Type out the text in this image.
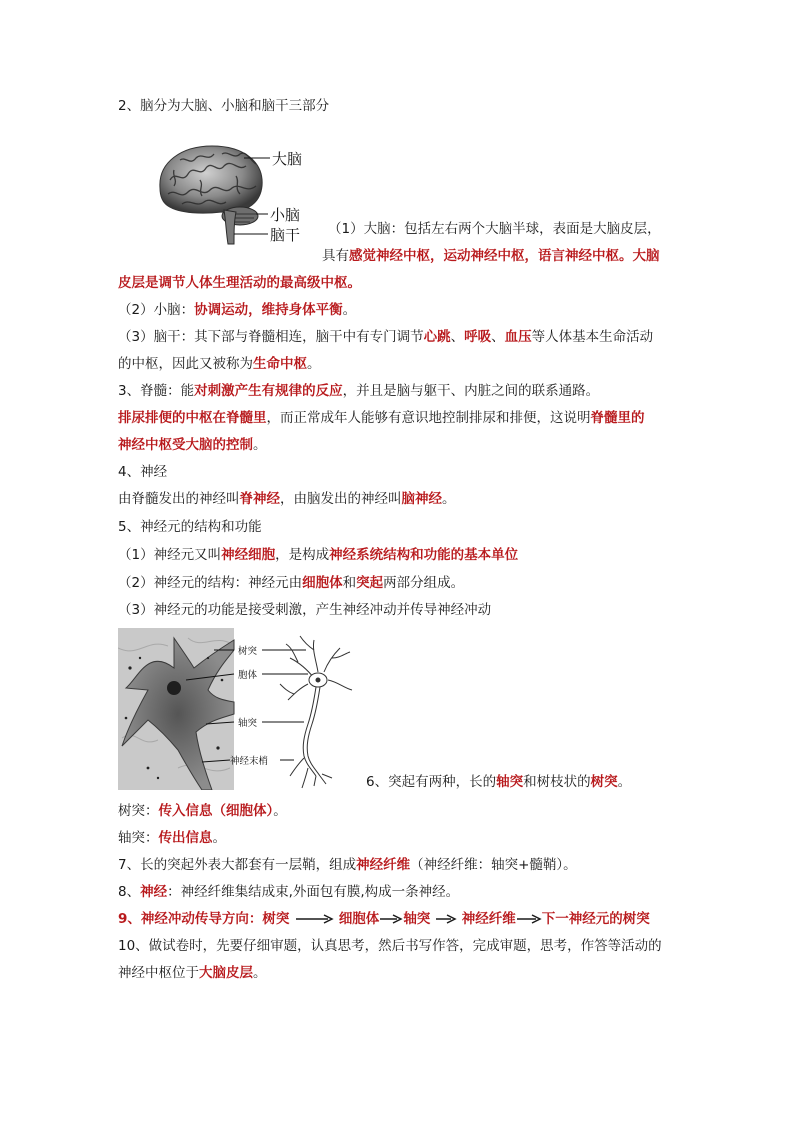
2、脑分为大脑、小脑和脑干三部分
大脑
小脑
脑干 （1）大脑：包括左右两个大脑半球，表面是大脑皮层，
具有感觉神经中枢，运动神经中枢，语言神经中枢。大脑
皮层是调节人体生理活动的最高级中枢。
（2）小脑：协调运动，维持身体平衡。
（3）脑干：其下部与脊髓相连，脑干中有专门调节心跳、呼吸、血压等人体基本生命活动
的中枢，因此又被称为生命中枢。
3、脊髓：能对刺激产生有规律的反应，并且是脑与躯干、内脏之间的联系通路。
排尿排便的中枢在脊髓里，而正常成年人能够有意识地控制排尿和排便，这说明脊髓里的
神经中枢受大脑的控制。
4、神经
由脊髓发出的神经叫脊神经，由脑发出的神经叫脑神经。
5、神经元的结构和功能
（1）神经元又叫神经细胞，是构成神经系统结构和功能的基本单位
（2）神经元的结构：神经元由细胞体和突起两部分组成。
（3）神经元的功能是接受刺激，产生神经冲动并传导神经冲动
树突
胞体
轴突
神经末梢
6、突起有两种，长的轴突和树枝状的树突。
树突：传入信息（细胞体）。
轴突：传出信息。
7、长的突起外表大都套有一层鞘，组成神经纤维（神经纤维：轴突+髓鞘）。
8、神经：神经纤维集结成束,外面包有膜,构成一条神经。
9、神经冲动传导方向：树突	细胞体 轴突 神经纤维 下一神经元的树突
10、做试卷时，先要仔细审题，认真思考，然后书写作答，完成审题，思考，作答等活动的
神经中枢位于大脑皮层。
